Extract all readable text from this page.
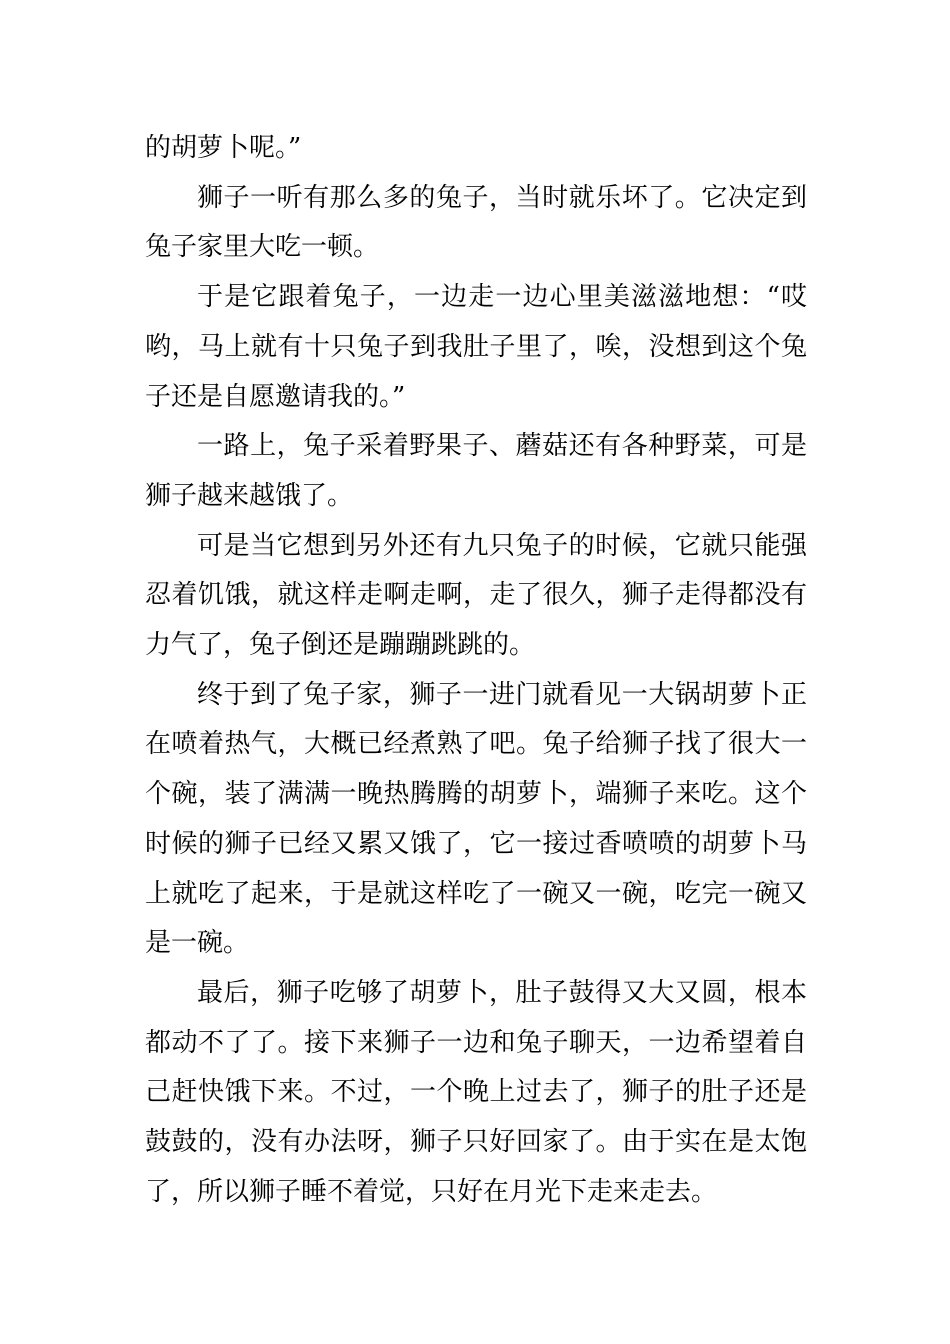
的胡萝卜呢。”

狮子一听有那么多的兔子，当时就乐坏了。它决定到兔子家里大吃一顿。

于是它跟着兔子，一边走一边心里美滋滋地想：“哎哟，马上就有十只兔子到我肚子里了，唉，没想到这个兔子还是自愿邀请我的。”

一路上，兔子采着野果子、蘑菇还有各种野菜，可是狮子越来越饿了。

可是当它想到另外还有九只兔子的时候，它就只能强忍着饥饿，就这样走啊走啊，走了很久，狮子走得都没有力气了，兔子倒还是蹦蹦跳跳的。

终于到了兔子家，狮子一进门就看见一大锅胡萝卜正在喷着热气，大概已经煮熟了吧。兔子给狮子找了很大一个碗，装了满满一晚热腾腾的胡萝卜，端狮子来吃。这个时候的狮子已经又累又饿了，它一接过香喷喷的胡萝卜马上就吃了起来，于是就这样吃了一碗又一碗，吃完一碗又是一碗。

最后，狮子吃够了胡萝卜，肚子鼓得又大又圆，根本都动不了了。接下来狮子一边和兔子聊天，一边希望着自己赶快饿下来。不过，一个晚上过去了，狮子的肚子还是鼓鼓的，没有办法呀，狮子只好回家了。由于实在是太饱了，所以狮子睡不着觉，只好在月光下走来走去。
